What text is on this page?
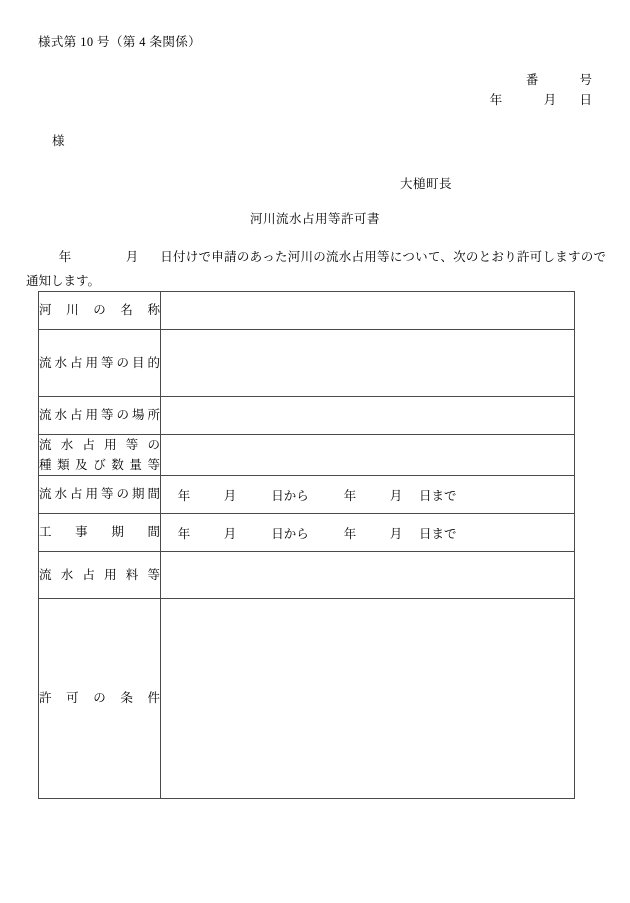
様式第 10 号（第 4 条関係）
番	号
年	月	日
様
大槌町長
河川流水占用等許可書
年	月 日付けで申請のあった河川の流水占用等について、次のとおり許可しますので通知します。
河川の名称	

流水占用等の目的	

流水占用等の場所	

流水占用等の
種類及び数量等	

流水占用等の期間	年 月 日から 年 月 日まで

工事期間	年 月 日から 年 月 日まで

流水占用料等	

許可の条件	
